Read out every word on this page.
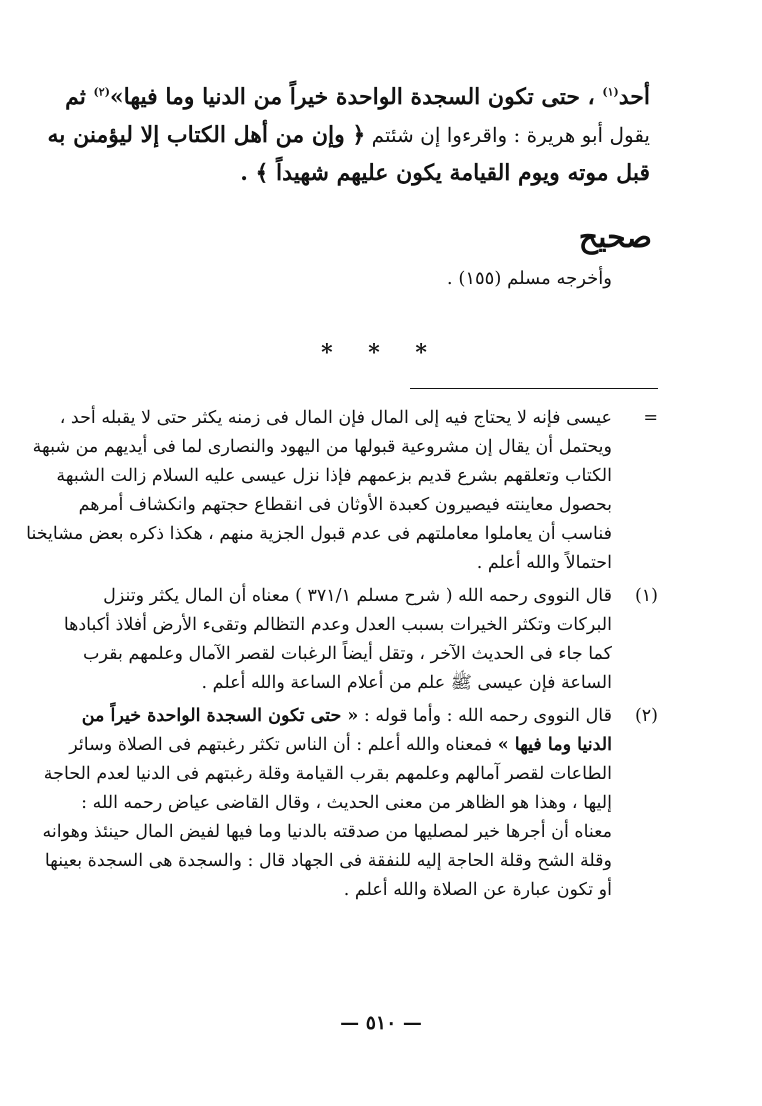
أحد$^{(١)}$ ، حتى تكون السجدة الواحدة خيراً من الدنيا وما فيها»$^{(٢)}$ ثم
يقول أبو هريرة : واقرءوا إن شئتم ﴿ وإن من أهل الكتاب إلا ليؤمنن به
قبل موته ويوم القيامة يكون عليهم شهيداً ﴾ .
صحيح
وأخرجه مسلم (١٥٥) .
* * *
=
عيسى فإنه لا يحتاج فيه إلى المال فإن المال فى زمنه يكثر حتى لا يقبله أحد ،
ويحتمل أن يقال إن مشروعية قبولها من اليهود والنصارى لما فى أيديهم من شبهة
الكتاب وتعلقهم بشرع قديم بزعمهم فإذا نزل عيسى عليه السلام زالت الشبهة
بحصول معاينته فيصيرون كعبدة الأوثان فى انقطاع حجتهم وانكشاف أمرهم
فناسب أن يعاملوا معاملتهم فى عدم قبول الجزية منهم ، هكذا ذكره بعض مشايخنا
احتمالاً والله أعلم .
(١)
قال النووى رحمه الله ( شرح مسلم ٣٧١/١ ) معناه أن المال يكثر وتنزل
البركات وتكثر الخيرات بسبب العدل وعدم التظالم وتقىء الأرض أفلاذ أكبادها
كما جاء فى الحديث الآخر ، وتقل أيضاً الرغبات لقصر الآمال وعلمهم بقرب
الساعة فإن عيسى ﷺ علم من أعلام الساعة والله أعلم .
(٢)
قال النووى رحمه الله : وأما قوله : « حتى تكون السجدة الواحدة خيراً من
الدنيا وما فيها » فمعناه والله أعلم : أن الناس تكثر رغبتهم فى الصلاة وسائر
الطاعات لقصر آمالهم وعلمهم بقرب القيامة وقلة رغبتهم فى الدنيا لعدم الحاجة
إليها ، وهذا هو الظاهر من معنى الحديث ، وقال القاضى عياض رحمه الله :
معناه أن أجرها خير لمصليها من صدقته بالدنيا وما فيها لفيض المال حينئذ وهوانه
وقلة الشح وقلة الحاجة إليه للنفقة فى الجهاد قال : والسجدة هى السجدة بعينها
أو تكون عبارة عن الصلاة والله أعلم .
— ٥١٠ —
